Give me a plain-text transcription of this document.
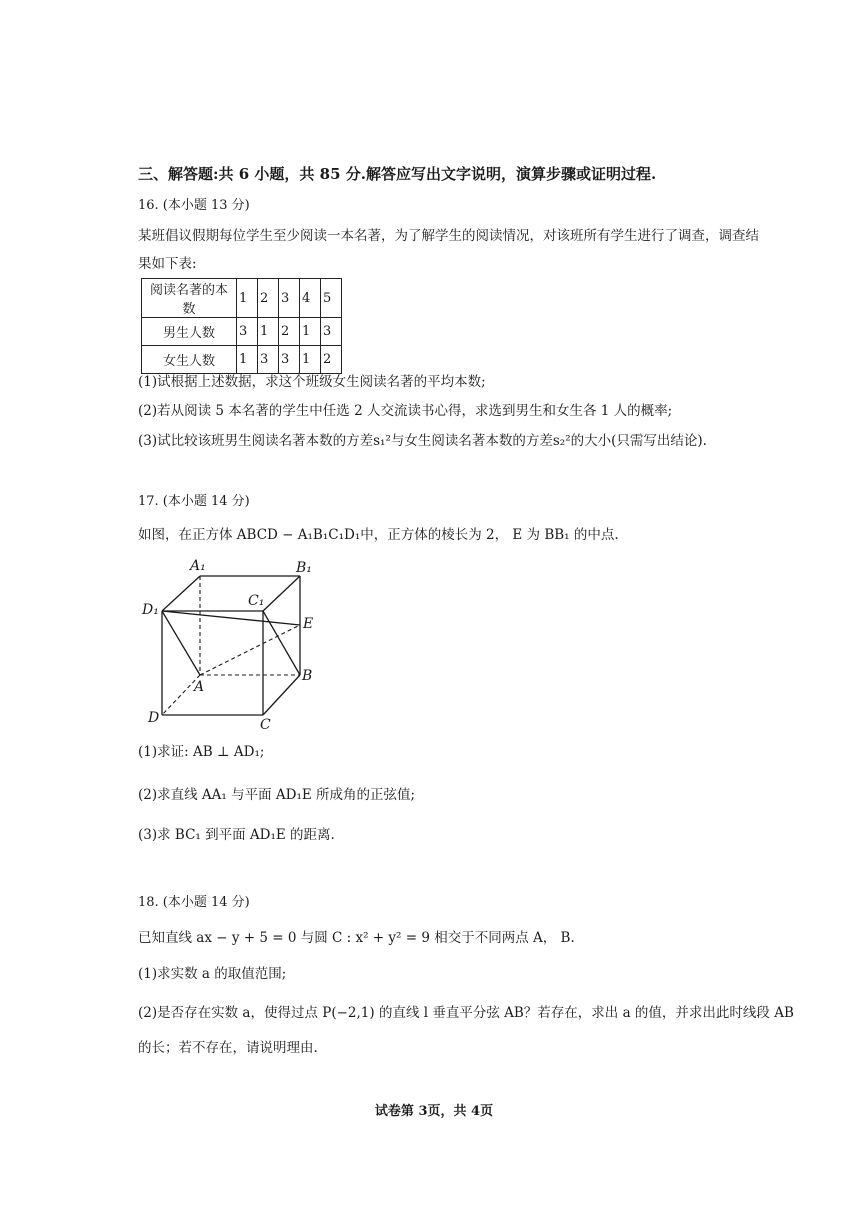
三、解答题:共 6 小题，共 85 分.解答应写出文字说明，演算步骤或证明过程.
16. (本小题 13 分)
某班倡议假期每位学生至少阅读一本名著，为了解学生的阅读情况，对该班所有学生进行了调查，调查结
果如下表:
阅读名著的本数	1	2	3	4	5
男生人数	3	1	2	1	3
女生人数	1	3	3	1	2
(1)试根据上述数据，求这个班级女生阅读名著的平均本数;
(2)若从阅读 5 本名著的学生中任选 2 人交流读书心得，求选到男生和女生各 1 人的概率;
(3)试比较该班男生阅读名著本数的方差s₁²与女生阅读名著本数的方差s₂²的大小(只需写出结论).
17. (本小题 14 分)
如图，在正方体 ABCD − A₁B₁C₁D₁中，正方体的棱长为 2， E 为 BB₁ 的中点.
A₁	B₁
C₁
D₁
E
B
A
D	C
(1)求证: AB ⊥ AD₁;
(2)求直线 AA₁ 与平面 AD₁E 所成角的正弦值;
(3)求 BC₁ 到平面 AD₁E 的距离.
18. (本小题 14 分)
已知直线 ax − y + 5 = 0 与圆 C : x² + y² = 9 相交于不同两点 A， B.
(1)求实数 a 的取值范围;
(2)是否存在实数 a，使得过点 P(−2,1) 的直线 l 垂直平分弦 AB？若存在，求出 a 的值，并求出此时线段 AB
的长；若不存在，请说明理由.
试卷第 3页，共 4页
